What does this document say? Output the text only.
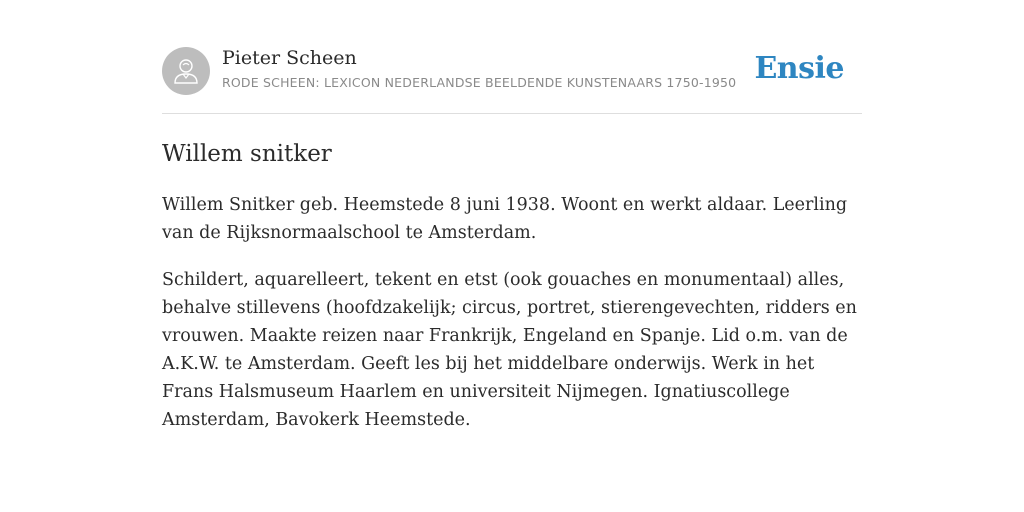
Pieter Scheen
RODE SCHEEN: LEXICON NEDERLANDSE BEELDENDE KUNSTENAARS 1750-1950 Ensie
Willem snitker

Willem Snitker geb. Heemstede 8 juni 1938. Woont en werkt aldaar. Leerling van de Rijksnormaalschool te Amsterdam.

Schildert, aquarelleert, tekent en etst (ook gouaches en monumentaal) alles, behalve stillevens (hoofdzakelijk; circus, portret, stierengevechten, ridders en vrouwen. Maakte reizen naar Frankrijk, Engeland en Spanje. Lid o.m. van de A.K.W. te Amsterdam. Geeft les bij het middelbare onderwijs. Werk in het Frans Halsmuseum Haarlem en universiteit Nijmegen. Ignatiuscollege Amsterdam, Bavokerk Heemstede.
